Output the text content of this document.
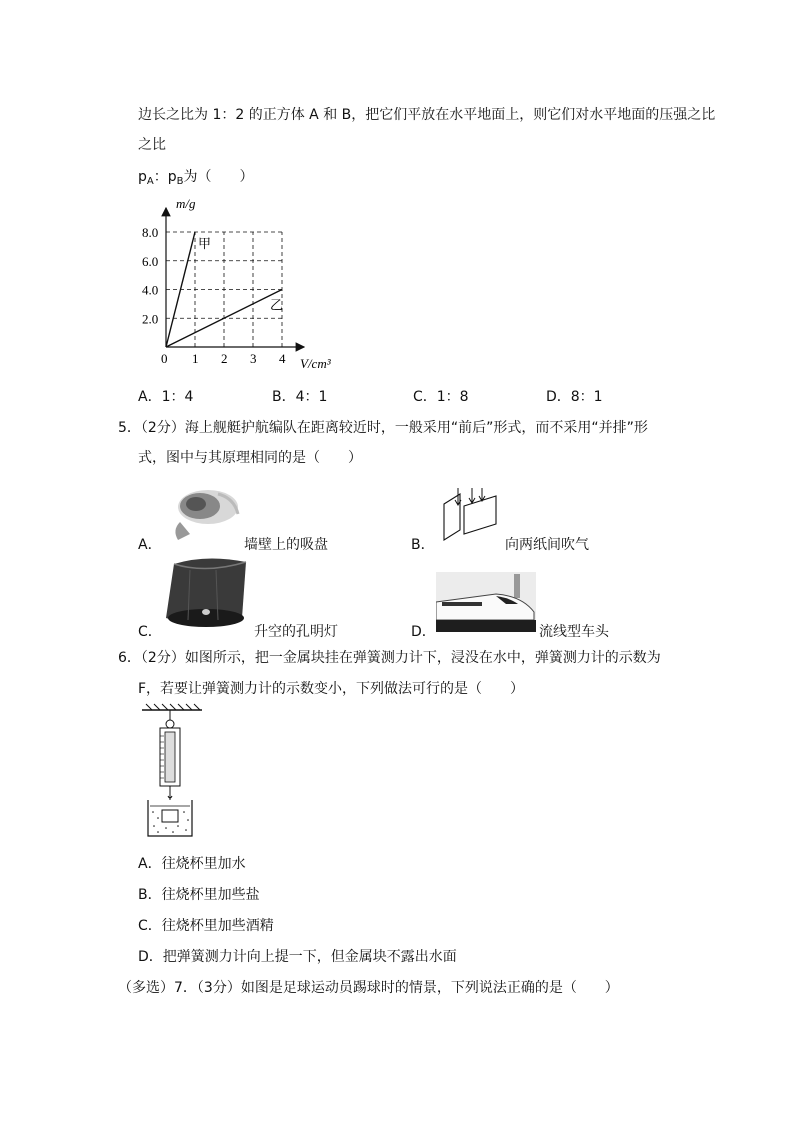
边长之比为 1：2 的正方体 A 和 B，把它们平放在水平地面上，则它们对水平地面的压强之比
之比
$p_A$：$p_B$为（　　）
0 1 2 3 4
2.0
4.0
6.0
8.0
甲
乙
m/g
V/cm³
A．1：4	B．4：1	C．1：8	D．8：1
5．（2分）海上舰艇护航编队在距离较近时，一般采用“前后”形式，而不采用“并排”形
式，图中与其原理相同的是（　　）
A．	墙壁上的吸盘	B．	向两纸间吹气
C．	升空的孔明灯	D．	流线型车头
6．（2分）如图所示，把一金属块挂在弹簧测力计下，浸没在水中，弹簧测力计的示数为
F，若要让弹簧测力计的示数变小，下列做法可行的是（　　）
A．往烧杯里加水
B．往烧杯里加些盐
C．往烧杯里加些酒精
D．把弹簧测力计向上提一下，但金属块不露出水面
（多选）7．（3分）如图是足球运动员踢球时的情景，下列说法正确的是（　　）
